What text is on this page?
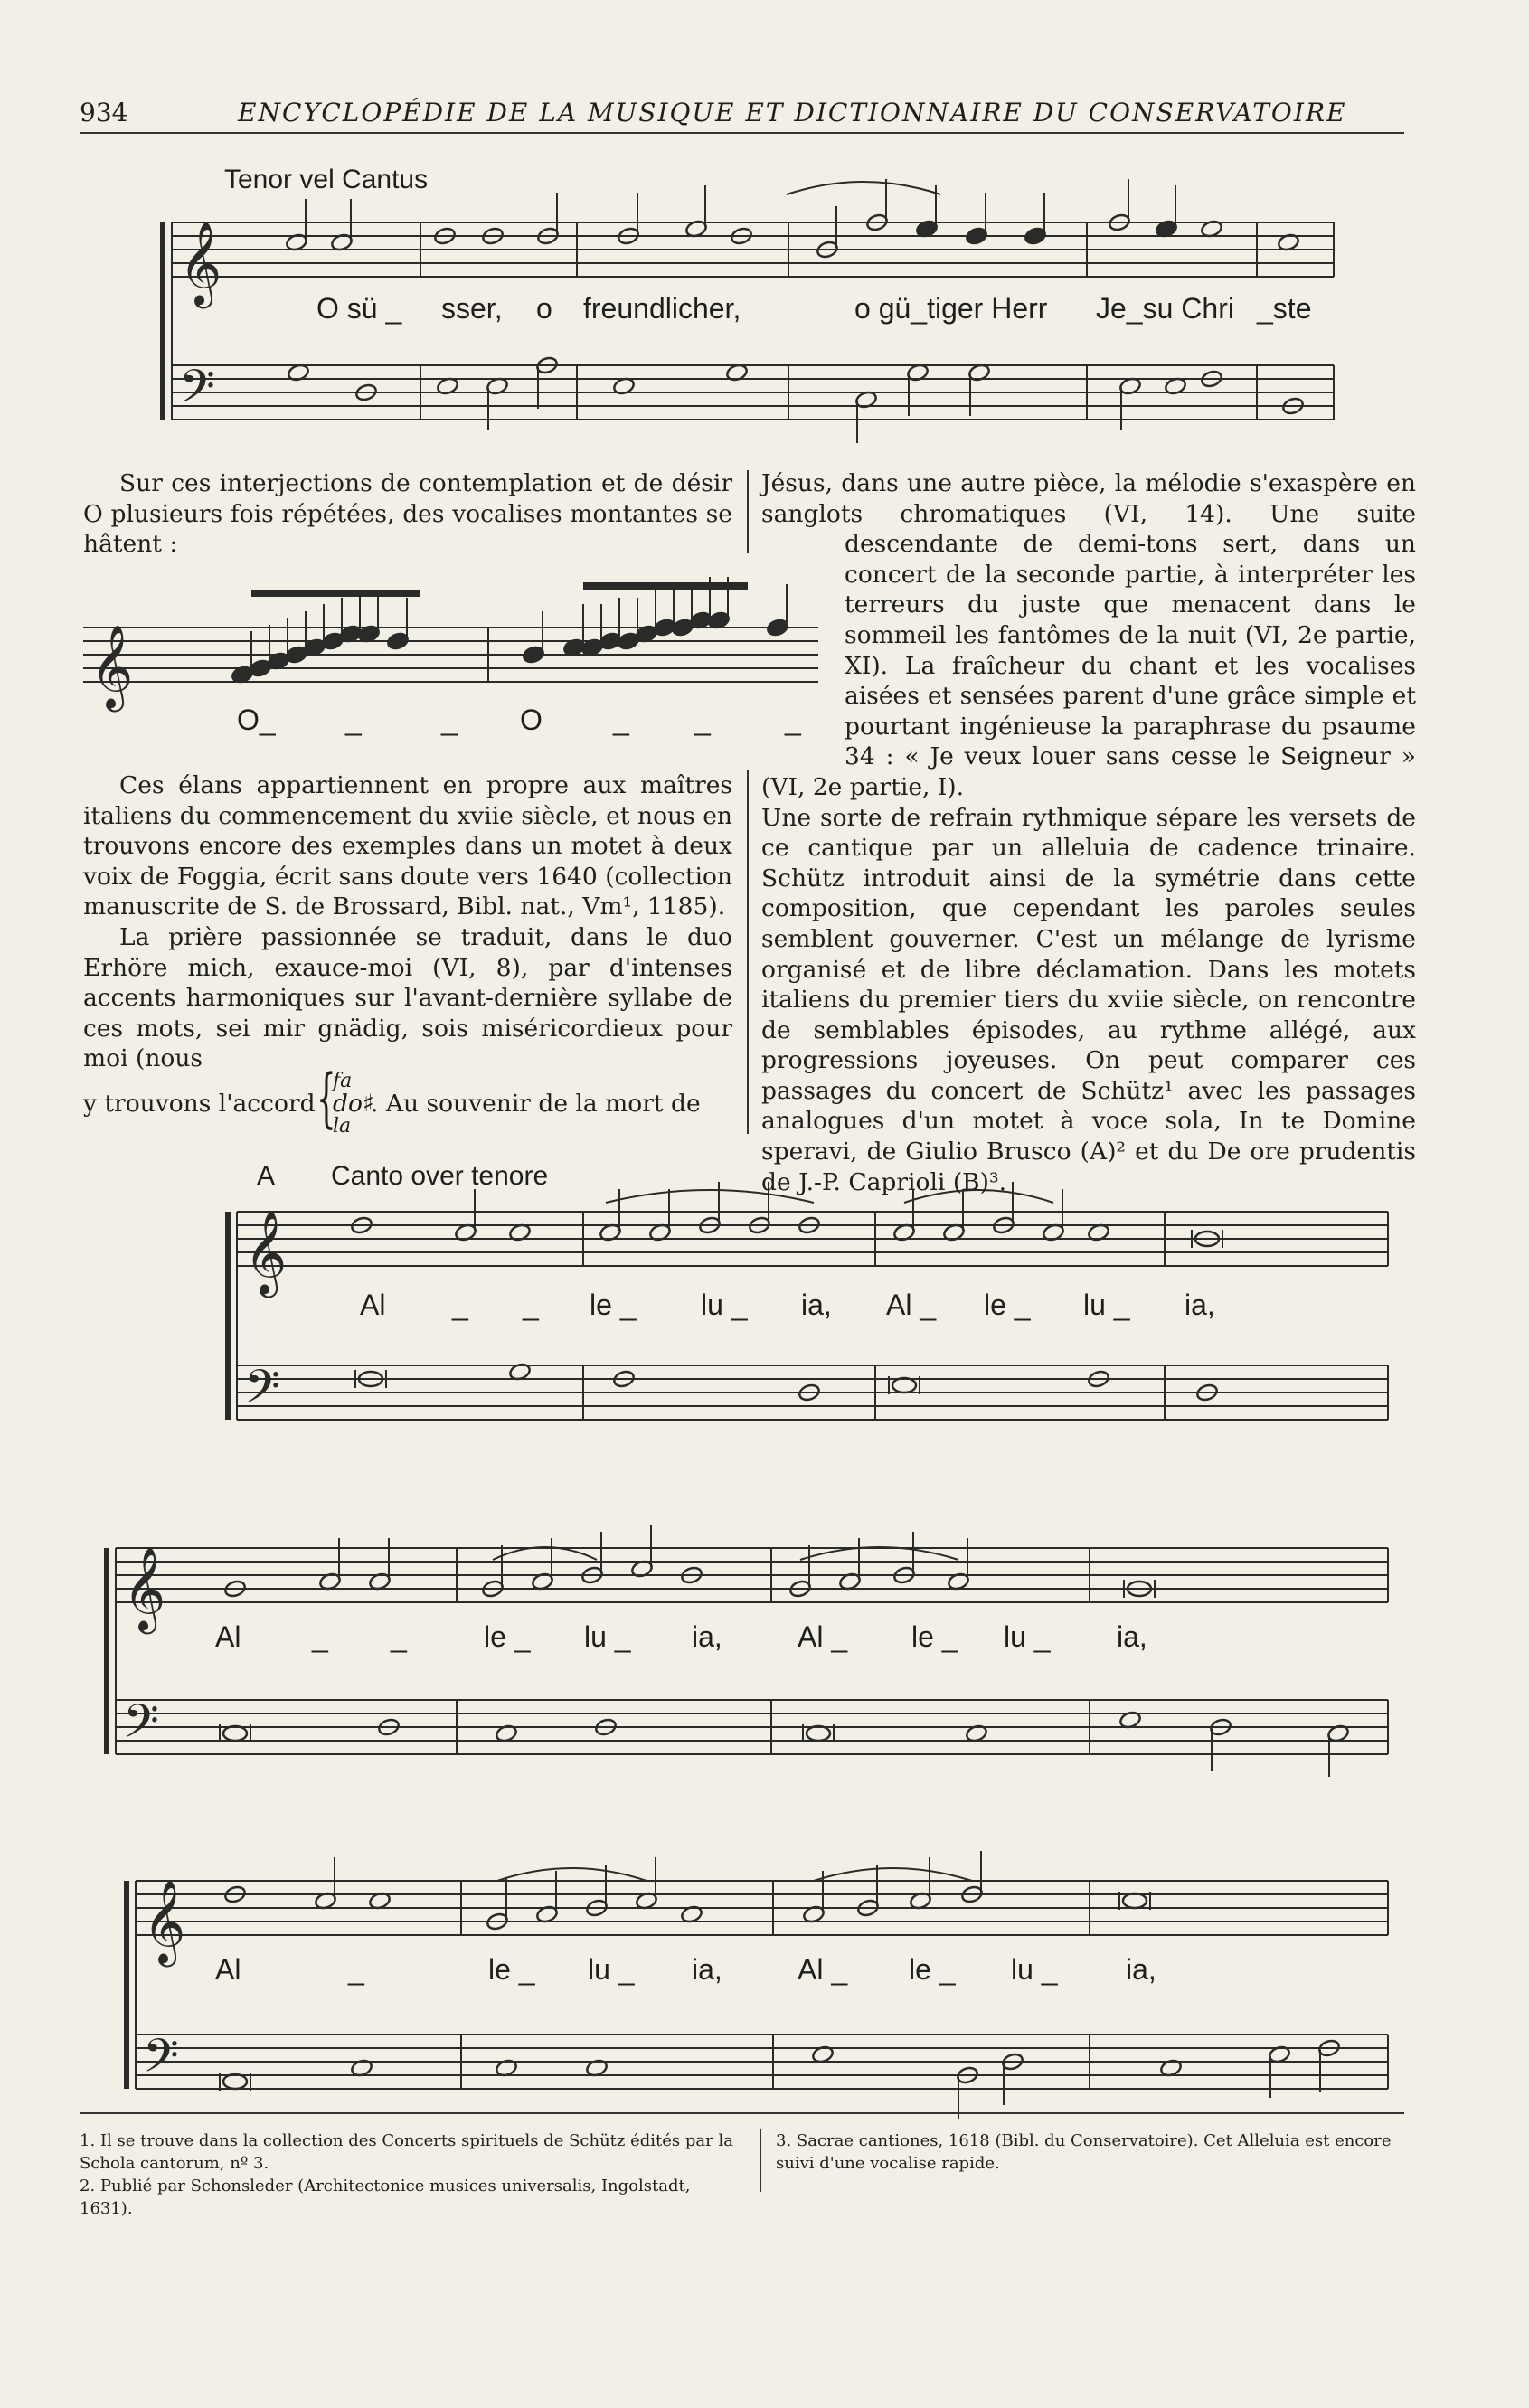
934	ENCYCLOPÉDIE DE LA MUSIQUE ET DICTIONNAIRE DU CONSERVATOIRE
𝄞
𝄢
𝄞
𝄞
𝄢
𝄞
𝄢
𝄞
𝄢
Tenor vel Cantus
O sü _ sser, o freundlicher,	o gü_tiger Herr Je_su Chri _ste

Sur ces interjections de contemplation et de désir O plusieurs fois répétées, des vocalises montantes se hâtent :

O_ _	_ O _ _	_

Ces élans appartiennent en propre aux maîtres italiens du commencement du xviie siècle, et nous en trouvons encore des exemples dans un motet à deux voix de Foggia, écrit sans doute vers 1640 (collection manuscrite de S. de Brossard, Bibl. nat., Vm¹, 1185).

La prière passionnée se traduit, dans le duo Erhöre mich, exauce-moi (VI, 8), par d'intenses accents harmoniques sur l'avant-dernière syllabe de ces mots, sei mir gnädig, sois miséricordieux pour moi (nous

y trouvons l'accord {
fa
do♯
la
. Au souvenir de la mort de

Jésus, dans une autre pièce, la mélodie s'exaspère en sanglots chromatiques (VI, 14). Une suite descendante de demi-tons sert, dans un concert de la seconde partie, à interpréter les terreurs du juste que menacent dans le sommeil les fantômes de la nuit (VI, 2e partie, XI). La fraîcheur du chant et les vocalises aisées et sensées parent d'une grâce simple et pourtant ingénieuse la paraphrase du psaume 34 : « Je veux louer sans cesse le Seigneur » (VI, 2e partie, I).

Une sorte de refrain rythmique sépare les versets de ce cantique par un alleluia de cadence trinaire. Schütz introduit ainsi de la symétrie dans cette composition, que cependant les paroles seules semblent gouverner. C'est un mélange de lyrisme organisé et de libre déclamation. Dans les motets italiens du premier tiers du xviie siècle, on rencontre de semblables épisodes, au rythme allégé, aux progressions joyeuses. On peut comparer ces passages du concert de Schütz¹ avec les passages analogues d'un motet à voce sola, In te Domine speravi, de Giulio Brusco (A)² et du De ore prudentis de J.-P. Caprioli (B)³.

A Canto over tenore
Al _ _ le _ lu _ ia, Al _ le _ lu _ ia,
Al _ _	le _ lu _ ia,	Al _ le _ lu _ ia,
Al	_	le _ lu _ ia,	Al _ le _ lu _ ia,
1. Il se trouve dans la collection des Concerts spirituels de Schütz édités par la Schola cantorum, nº 3.
2. Publié par Schonsleder (Architectonice musices universalis, Ingolstadt, 1631).
3. Sacrae cantiones, 1618 (Bibl. du Conservatoire). Cet Alleluia est encore suivi d'une vocalise rapide.
